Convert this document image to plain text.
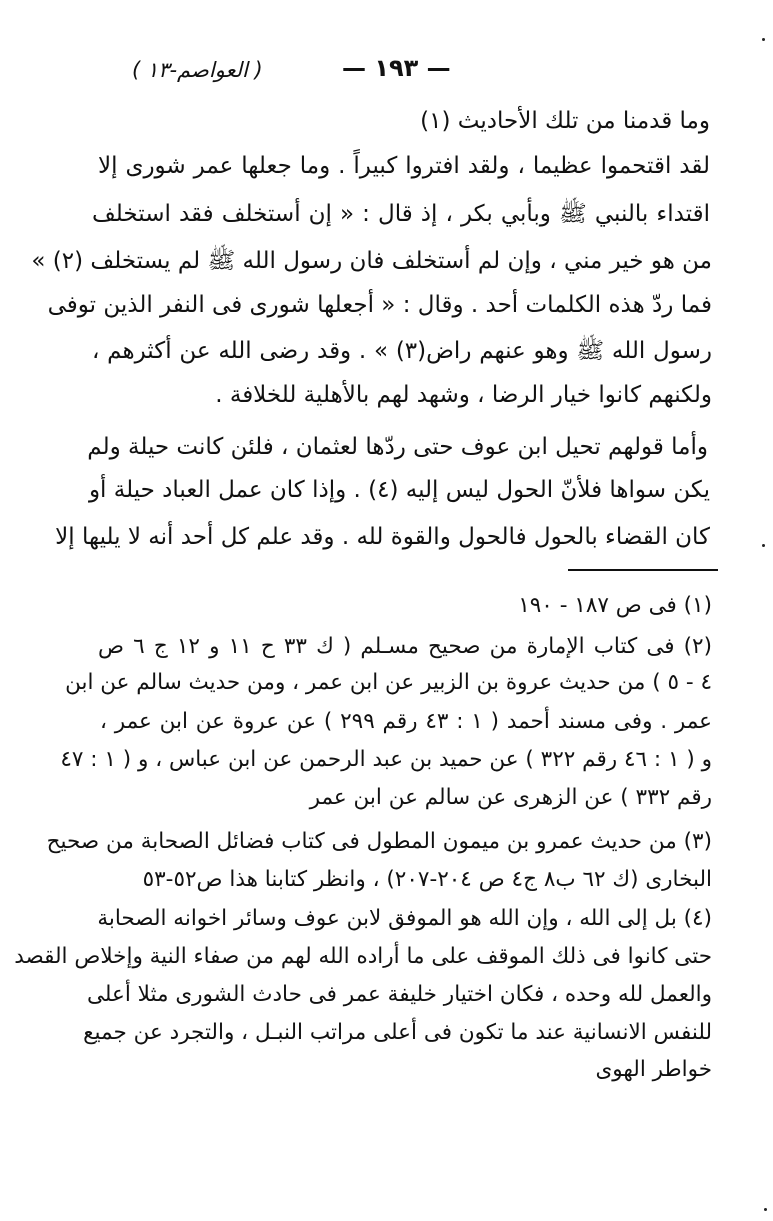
( العواصم-١٣ )	— ١٩٣ —
وما قدمنا من تلك الأحاديث (١)
لقد اقتحموا عظيما ، ولقد افتروا كبيراً . وما جعلها عمر شورى إلا
اقتداء بالنبي ﷺ وبأبي بكر ، إذ قال : « إن أستخلف فقد استخلف
من هو خير مني ، وإن لم أستخلف فان رسول الله ﷺ لم يستخلف (٢) »
فما ردّ هذه الكلمات أحد . وقال : « أجعلها شورى فى النفر الذين توفى
رسول الله ﷺ وهو عنهم راض(٣) » . وقد رضى الله عن أكثرهم ،
ولكنهم كانوا خيار الرضا ، وشهد لهم بالأهلية للخلافة .
وأما قولهم تحيل ابن عوف حتى ردّها لعثمان ، فلئن كانت حيلة ولم
يكن سواها فلأنّ الحول ليس إليه (٤) . وإذا كان عمل العباد حيلة أو
كان القضاء بالحول فالحول والقوة لله . وقد علم كل أحد أنه لا يليها إلا
(١) فى ص ١٨٧ - ١٩٠
(٢) فى كتاب الإمارة من صحيح مسـلم ( ك ٣٣ ح ١١ و ١٢ ج ٦ ص
٤ - ٥ ) من حديث عروة بن الزبير عن ابن عمر ، ومن حديث سالم عن ابن
عمر . وفى مسند أحمد ( ١ : ٤٣ رقم ٢٩٩ ) عن عروة عن ابن عمر ،
و ( ١ : ٤٦ رقم ٣٢٢ ) عن حميد بن عبد الرحمن عن ابن عباس ، و ( ١ : ٤٧
رقم ٣٣٢ ) عن الزهرى عن سالم عن ابن عمر
(٣) من حديث عمرو بن ميمون المطول فى كتاب فضائل الصحابة من صحيح
البخارى (ك ٦٢ ب٨ ج٤ ص ٢٠٤-٢٠٧) ، وانظر كتابنا هذا ص٥٢-٥٣
(٤) بل إلى الله ، وإن الله هو الموفق لابن عوف وسائر اخوانه الصحابة
حتى كانوا فى ذلك الموقف على ما أراده الله لهم من صفاء النية وإخلاص القصد
والعمل لله وحده ، فكان اختيار خليفة عمر فى حادث الشورى مثلا أعلى
للنفس الانسانية عند ما تكون فى أعلى مراتب النبـل ، والتجرد عن جميع
خواطر الهوى
